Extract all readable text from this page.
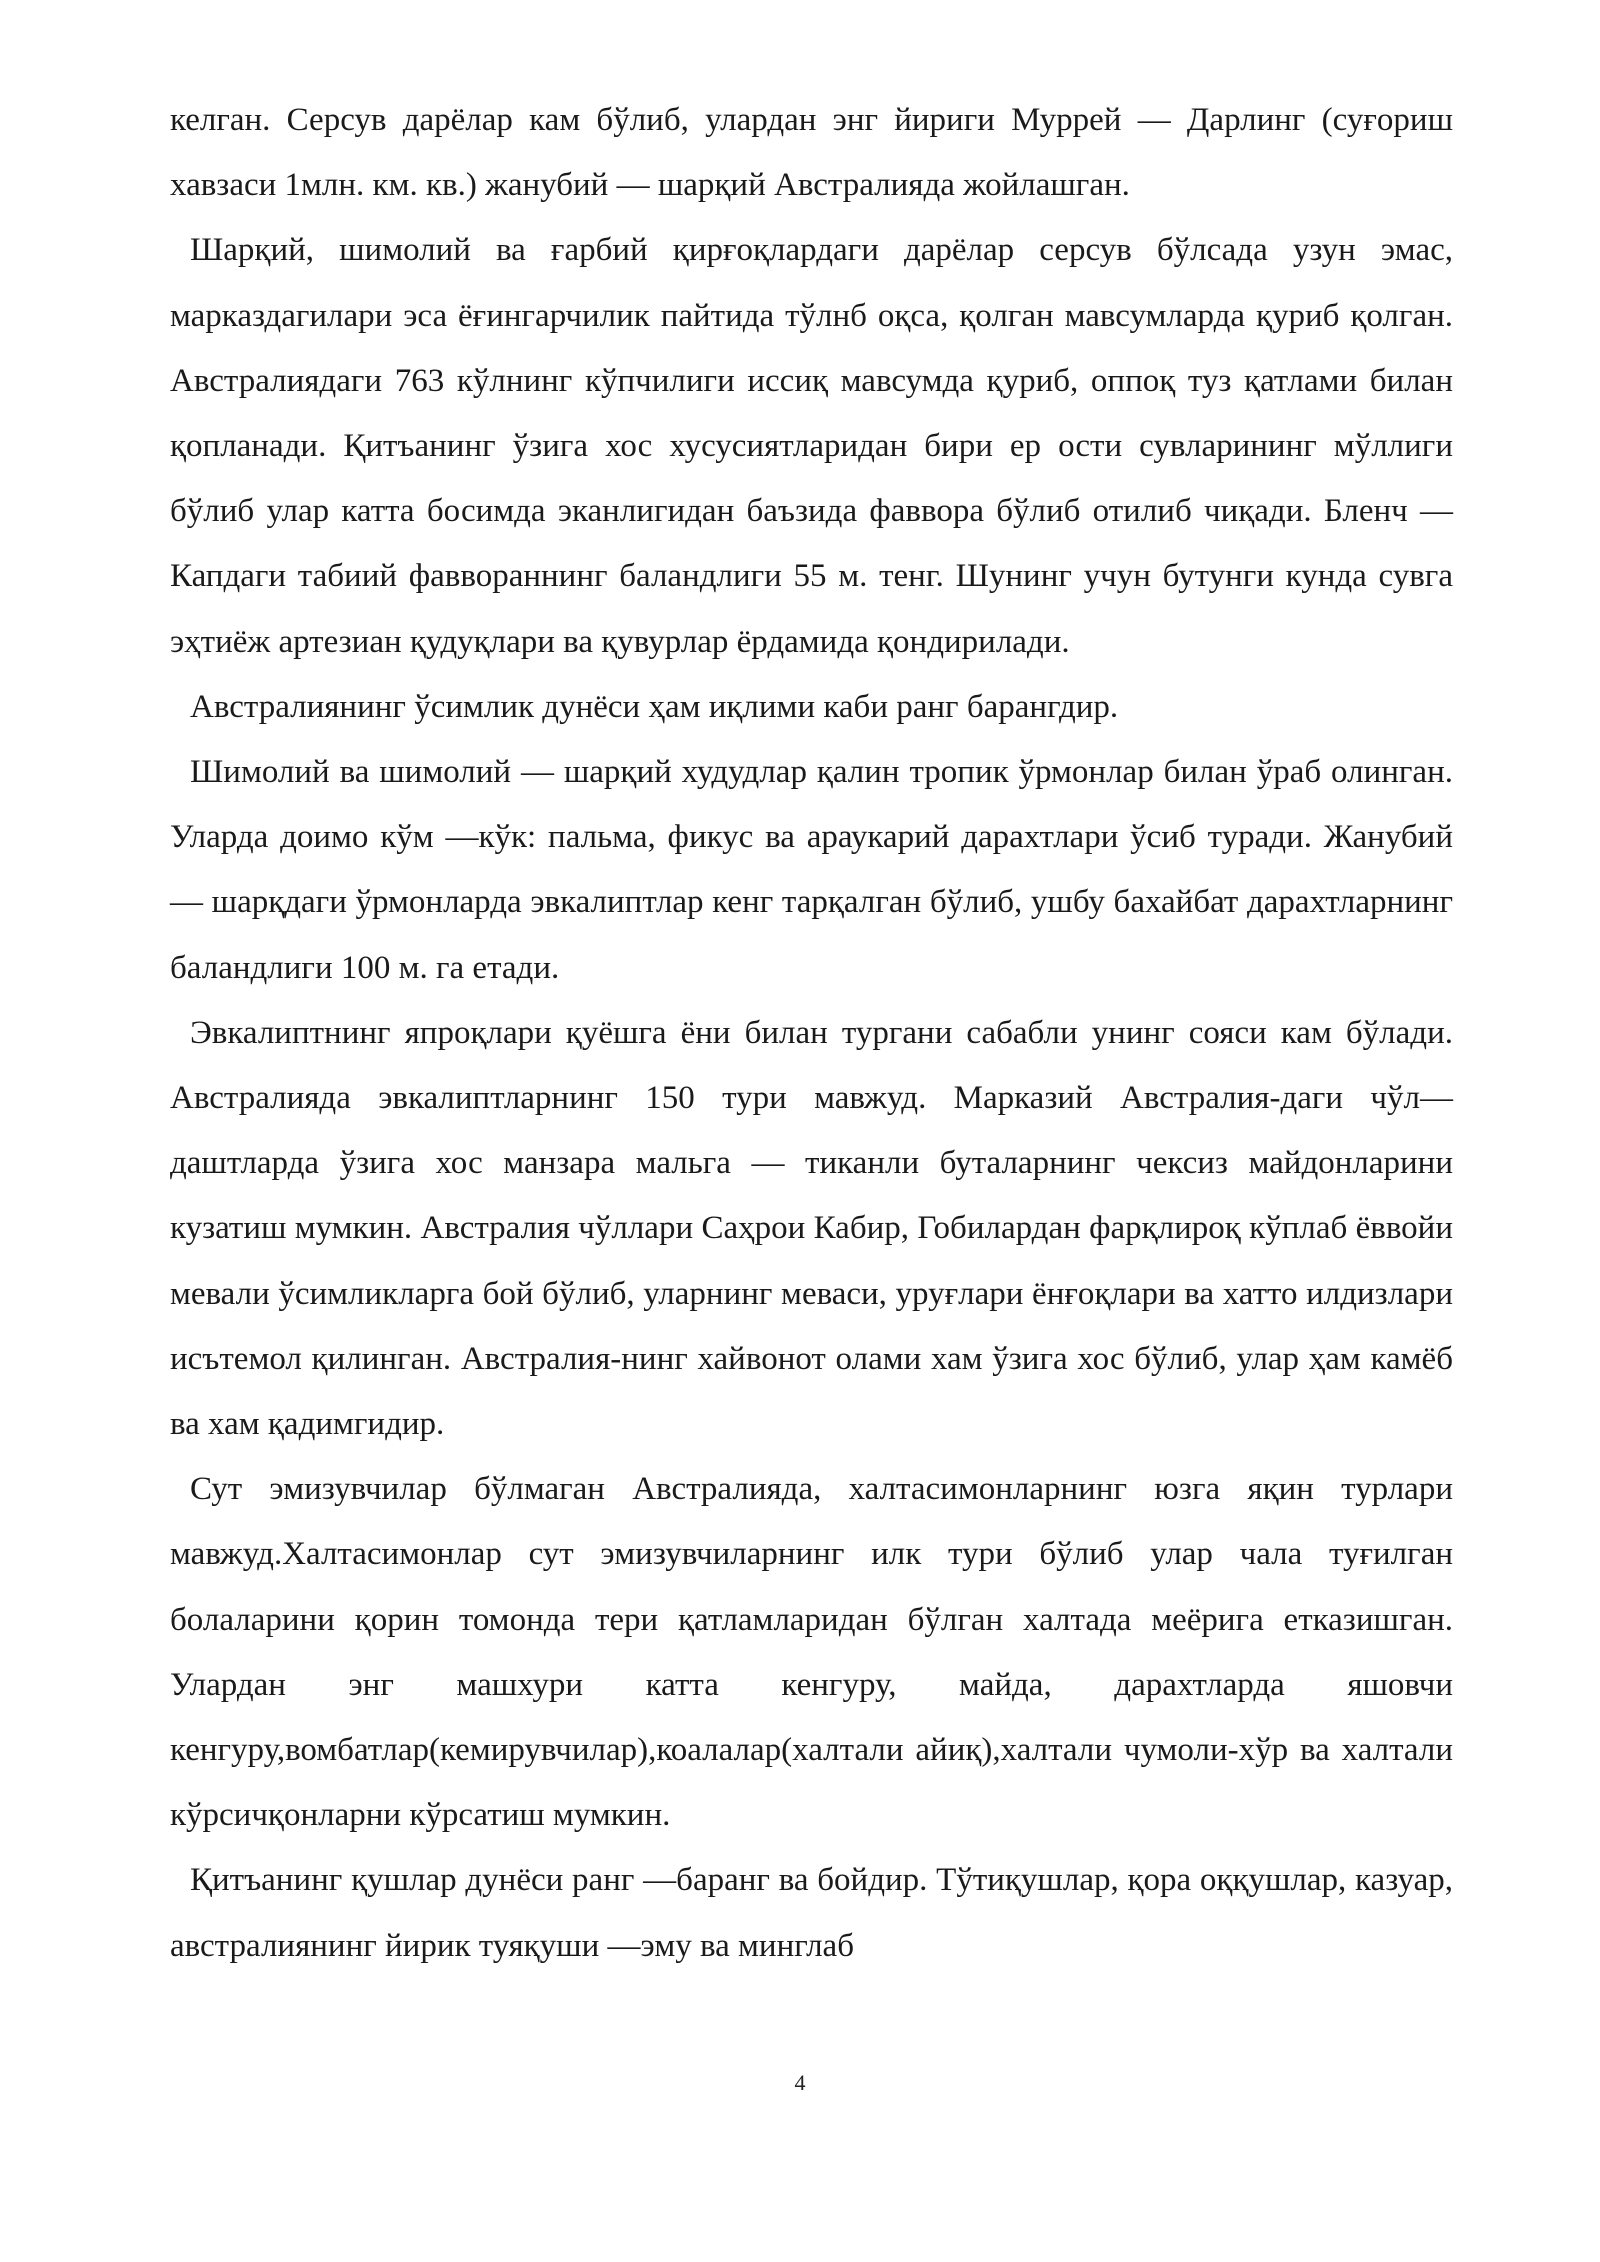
келган. Серсув дарёлар кам бўлиб, улардан энг йириги Муррей — Дарлинг (суғориш хавзаси 1млн. км. кв.) жанубий — шарқий Австралияда жойлашган.

Шарқий, шимолий ва ғарбий қирғоқлардаги дарёлар серсув бўлсада узун эмас, марказдагилари эса ёғингарчилик пайтида тўлнб оқса, қолган мавсумларда қуриб қолган. Австралиядаги 763 кўлнинг кўпчилиги иссиқ мавсумда қуриб, оппоқ туз қатлами билан қопланади. Қитъанинг ўзига хос хусусиятларидан бири ер ости сувларининг мўллиги бўлиб улар катта босимда эканлигидан баъзида фаввора бўлиб отилиб чиқади. Бленч — Капдаги табиий фаввораннинг баландлиги 55 м. тенг. Шунинг учун бутунги кунда сувга эҳтиёж артезиан қудуқлари ва қувурлар ёрдамида қондирилади.

Австралиянинг ўсимлик дунёси ҳам иқлими каби ранг барангдир.

Шимолий ва шимолий — шарқий худудлар қалин тропик ўрмонлар билан ўраб олинган. Уларда доимо кўм —кўк: пальма, фикус ва араукарий дарахтлари ўсиб туради. Жанубий — шарқдаги ўрмонларда эвкалиптлар кенг тарқалган бўлиб, ушбу бахайбат дарахтларнинг баландлиги 100 м. га етади.

Эвкалиптнинг япроқлари қуёшга ёни билан тургани сабабли унинг сояси кам бўлади. Австралияда эвкалиптларнинг 150 тури мавжуд. Марказий Австралия-даги чўл—даштларда ўзига хос манзара мальга — тиканли буталарнинг чексиз майдонларини кузатиш мумкин. Австралия чўллари Саҳрои Кабир, Гобилардан фарқлироқ кўплаб ёввойи мевали ўсимликларга бой бўлиб, уларнинг меваси, уруғлари ёнғоқлари ва хатто илдизлари исътемол қилинган. Австралия-нинг хайвонот олами хам ўзига хос бўлиб, улар ҳам камёб ва хам қадимгидир.

Сут эмизувчилар бўлмаган Австралияда, халтасимонларнинг юзга яқин турлари мавжуд.Халтасимонлар сут эмизувчиларнинг илк тури бўлиб улар чала туғилган болаларини қорин томонда тери қатламларидан бўлган халтада меёрига етказишган. Улардан энг машхури катта кенгуру, майда, дарахтларда яшовчи кенгуру,вомбатлар(кемирувчилар),коалалар(халтали айиқ),халтали чумоли-хўр ва халтали кўрсичқонларни кўрсатиш мумкин.

Қитъанинг қушлар дунёси ранг —баранг ва бойдир. Тўтиқушлар, қора оққушлар, казуар, австралиянинг йирик туяқуши —эму ва минглаб

4
